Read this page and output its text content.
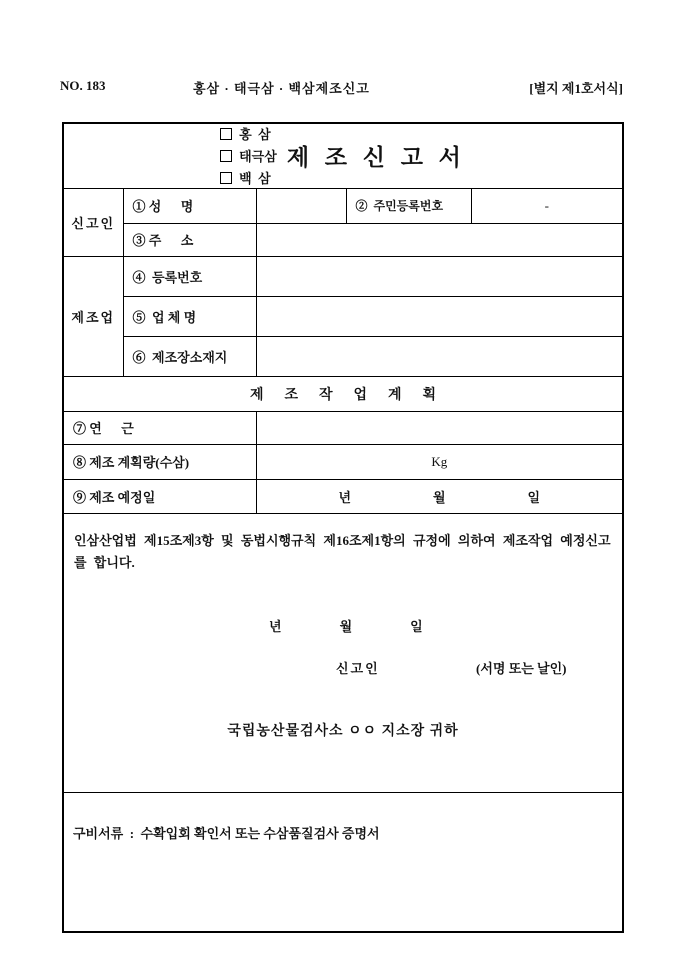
NO. 183	홍삼 · 태극삼 · 백삼제조신고	[별지 제1호서식]
홍  삼
태극삼
백  삼
제 조 신 고 서				

신고인	① 성      명		②  주민등록번호	-
	③ 주      소			
제조업	④  등록번호			
	⑤  업 체 명			
	⑥  제조장소재지			
제      조      작      업      계      획				
⑦ 연      근				
⑧ 제조 계획량(수삼)		Kg		
⑨ 제조 예정일		년 월 일		

인삼산업법 제15조제3항 및 동법시행규칙 제16조제1항의 규정에 의하여 제조작업 예정신고를 합니다.
년	월	일
신고인	(서명 또는 날인)
국립농산물검사소 ㅇㅇ 지소장 귀하

구비서류  :  수확입회 확인서 또는 수삼품질검사 증명서				
